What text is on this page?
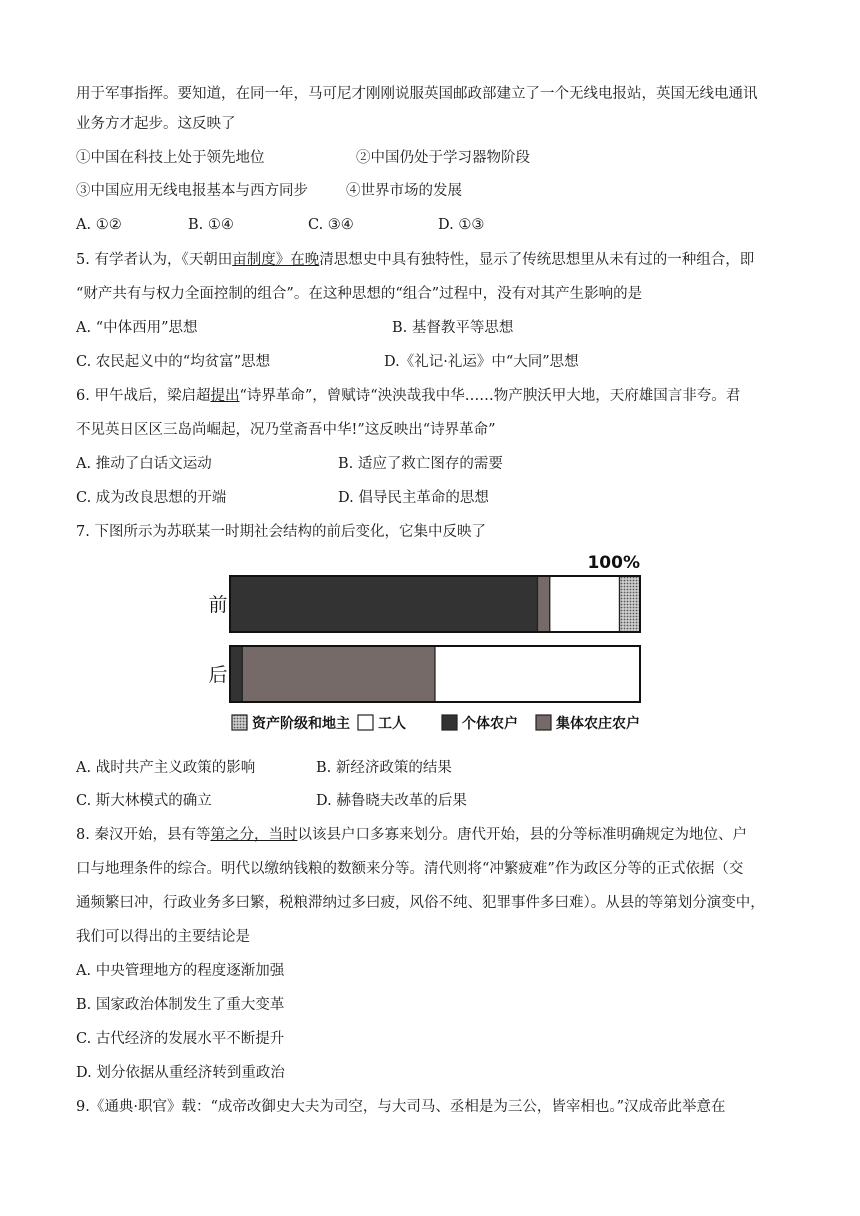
用于军事指挥。要知道，在同一年，马可尼才刚刚说服英国邮政部建立了一个无线电报站，英国无线电通讯
业务方才起步。这反映了
①中国在科技上处于领先地位	②中国仍处于学习器物阶段
③中国应用无线电报基本与西方同步	④世界市场的发展
A. ①②	B. ①④	C. ③④	D. ①③
5. 有学者认为，《天朝田亩制度》在晚清思想史中具有独特性，显示了传统思想里从未有过的一种组合，即
“财产共有与权力全面控制的组合”。在这种思想的“组合”过程中，没有对其产生影响的是
A. “中体西用”思想	B. 基督教平等思想
C. 农民起义中的“均贫富”思想	D.《礼记·礼运》中“大同”思想
6. 甲午战后，梁启超提出“诗界革命”，曾赋诗“泱泱哉我中华……物产腴沃甲大地，天府雄国言非夸。君
不见英日区区三岛尚崛起，况乃堂斋吾中华!”这反映出“诗界革命”
A. 推动了白话文运动	B. 适应了救亡图存的需要
C. 成为改良思想的开端	D. 倡导民主革命的思想
7. 下图所示为苏联某一时期社会结构的前后变化，它集中反映了
100%
前
后
资产阶级和地主 工人	个体农户	集体农庄农户
A. 战时共产主义政策的影响	B. 新经济政策的结果
C. 斯大林模式的确立	D. 赫鲁晓夫改革的后果
8. 秦汉开始，县有等第之分，当时以该县户口多寡来划分。唐代开始，县的分等标准明确规定为地位、户
口与地理条件的综合。明代以缴纳钱粮的数额来分等。清代则将“冲繁疲难”作为政区分等的正式依据（交
通频繁曰冲，行政业务多曰繁，税粮滞纳过多曰疲，风俗不纯、犯罪事件多曰难）。从县的等第划分演变中，
我们可以得出的主要结论是
A. 中央管理地方的程度逐渐加强
B. 国家政治体制发生了重大变革
C. 古代经济的发展水平不断提升
D. 划分依据从重经济转到重政治
9.《通典·职官》载：“成帝改御史大夫为司空，与大司马、丞相是为三公，皆宰相也。”汉成帝此举意在
